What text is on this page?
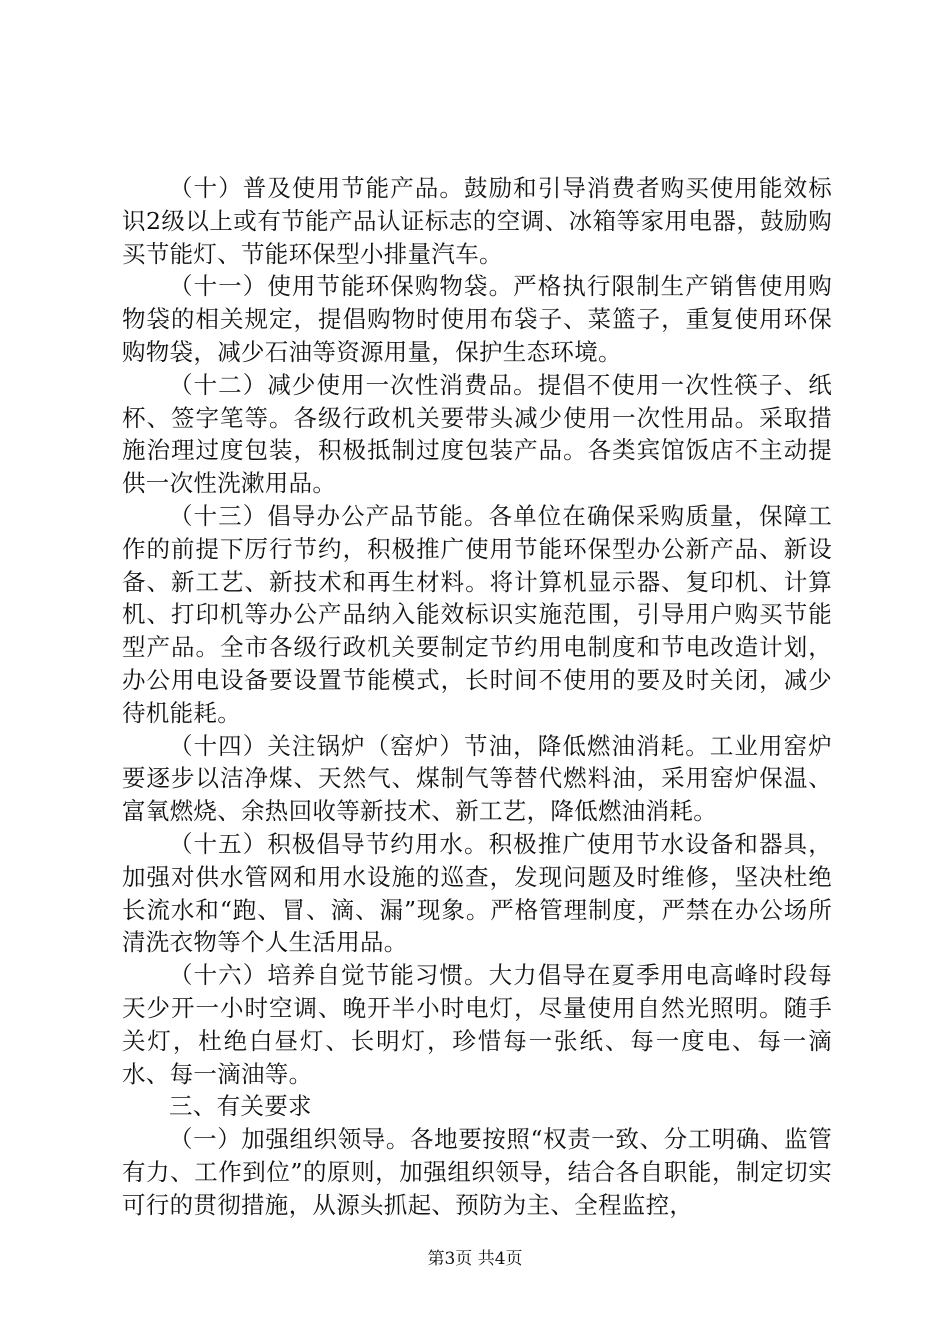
（十）普及使用节能产品。鼓励和引导消费者购买使用能效标识2级以上或有节能产品认证标志的空调、冰箱等家用电器，鼓励购买节能灯、节能环保型小排量汽车。

（十一）使用节能环保购物袋。严格执行限制生产销售使用购物袋的相关规定，提倡购物时使用布袋子、菜篮子，重复使用环保购物袋，减少石油等资源用量，保护生态环境。

（十二）减少使用一次性消费品。提倡不使用一次性筷子、纸杯、签字笔等。各级行政机关要带头减少使用一次性用品。采取措施治理过度包装，积极抵制过度包装产品。各类宾馆饭店不主动提供一次性洗漱用品。

（十三）倡导办公产品节能。各单位在确保采购质量，保障工作的前提下厉行节约，积极推广使用节能环保型办公新产品、新设备、新工艺、新技术和再生材料。将计算机显示器、复印机、计算机、打印机等办公产品纳入能效标识实施范围，引导用户购买节能型产品。全市各级行政机关要制定节约用电制度和节电改造计划，办公用电设备要设置节能模式，长时间不使用的要及时关闭，减少待机能耗。

（十四）关注锅炉（窑炉）节油，降低燃油消耗。工业用窑炉要逐步以洁净煤、天然气、煤制气等替代燃料油，采用窑炉保温、富氧燃烧、余热回收等新技术、新工艺，降低燃油消耗。

（十五）积极倡导节约用水。积极推广使用节水设备和器具，加强对供水管网和用水设施的巡查，发现问题及时维修，坚决杜绝长流水和“跑、冒、滴、漏”现象。严格管理制度，严禁在办公场所清洗衣物等个人生活用品。

（十六）培养自觉节能习惯。大力倡导在夏季用电高峰时段每天少开一小时空调、晚开半小时电灯，尽量使用自然光照明。随手关灯，杜绝白昼灯、长明灯，珍惜每一张纸、每一度电、每一滴水、每一滴油等。

三、有关要求

（一）加强组织领导。各地要按照“权责一致、分工明确、监管有力、工作到位”的原则，加强组织领导，结合各自职能，制定切实可行的贯彻措施，从源头抓起、预防为主、全程监控，

第3页 共4页
